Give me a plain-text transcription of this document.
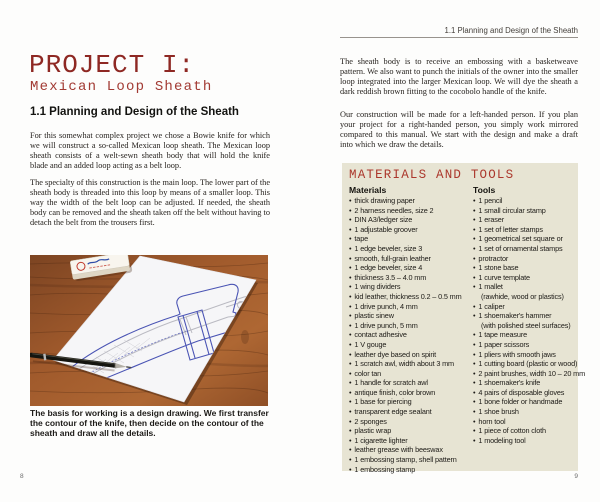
PROJECT I:
Mexican Loop Sheath
1.1 Planning and Design of the Sheath
For this somewhat complex project we chose a Bowie knife for which we will construct a so-called Mexican loop sheath. The Mexican loop sheath consists of a welt-sewn sheath body that will hold the knife blade and an added loop acting as a belt loop.
The specialty of this construction is the main loop. The lower part of the sheath body is threaded into this loop by means of a smaller loop. This way the width of the belt loop can be adjusted. If needed, the sheath body can be removed and the sheath taken off the belt without having to detach the belt from the trousers first.
The basis for working is a design drawing. We first transfer the contour of the knife, then decide on the contour of the sheath and draw all the details.
8
1.1 Planning and Design of the Sheath
The sheath body is to receive an embossing with a basketweave pattern. We also want to punch the initials of the owner into the smaller loop integrated into the larger Mexican loop. We will dye the sheath a dark reddish brown fitting to the cocobolo handle of the knife.
Our construction will be made for a left-handed person. If you plan your project for a right-handed person, you simply work mirrored compared to this manual. We start with the design and make a draft into which we draw the details.
MATERIALS AND TOOLS
Materials
• thick drawing paper
• 2 harness needles, size 2
• DIN A3/ledger size
• 1 adjustable groover
• tape
• 1 edge beveler, size 3
• smooth, full-grain leather
• 1 edge beveler, size 4
• thickness 3.5 – 4.0 mm
• 1 wing dividers
• kid leather, thickness 0.2 – 0.5 mm
• 1 drive punch, 4 mm
• plastic sinew
• 1 drive punch, 5 mm
• contact adhesive
• 1 V gouge
• leather dye based on spirit
• 1 scratch awl, width about 3 mm
• color tan
• 1 handle for scratch awl
• antique finish, color brown
• 1 base for piercing
• transparent edge sealant
• 2 sponges
• plastic wrap
• 1 cigarette lighter
• leather grease with beeswax
• 1 embossing stamp, shell pattern
• 1 embossing stamp
Tools
• 1 pencil
• 1 small circular stamp
• 1 eraser
• 1 set of letter stamps
• 1 geometrical set square or
• 1 set of ornamental stamps
• protractor
• 1 stone base
• 1 curve template
• 1 mallet
(rawhide, wood or plastics)
• 1 caliper
• 1 shoemaker's hammer
(with polished steel surfaces)
• 1 tape measure
• 1 paper scissors
• 1 pliers with smooth jaws
• 1 cutting board (plastic or wood)
• 2 paint brushes, width 10 – 20 mm
• 1 shoemaker's knife
• 4 pairs of disposable gloves
• 1 bone folder or handmade
• 1 shoe brush
• horn tool
• 1 piece of cotton cloth
• 1 modeling tool
9
